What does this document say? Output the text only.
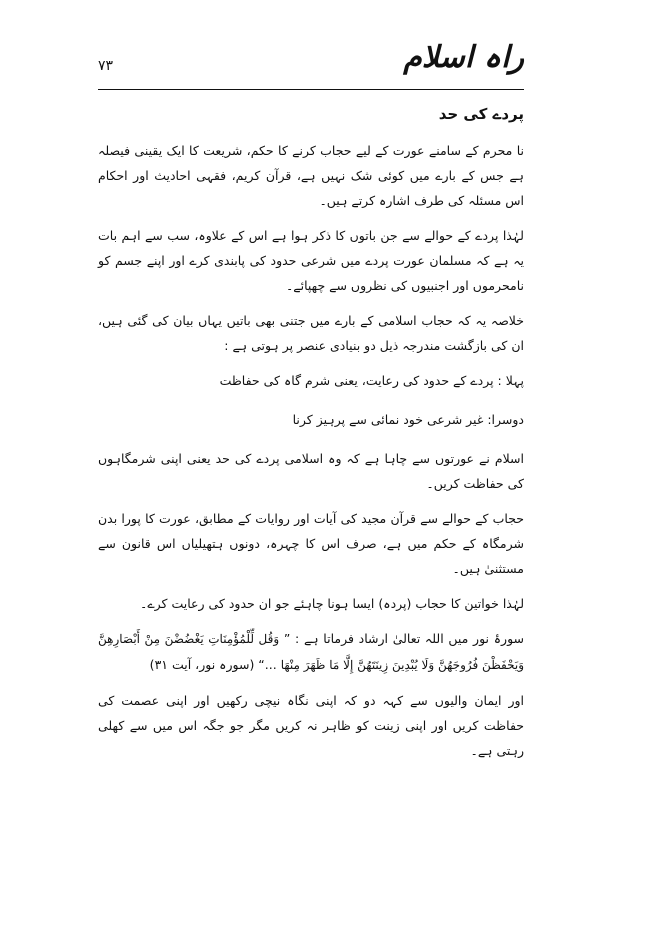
راہ اسلام
۷۳
پردے کی حد

نا محرم کے سامنے عورت کے لیے حجاب کرنے کا حکم، شریعت کا ایک یقینی فیصلہ ہے جس کے بارے میں کوئی شک نہیں ہے، قرآن کریم، فقہی احادیث اور احکام اس مسئلہ کی طرف اشارہ کرتے ہیں۔

لہٰذا پردے کے حوالے سے جن باتوں کا ذکر ہوا ہے اس کے علاوہ، سب سے اہم بات یہ ہے کہ مسلمان عورت پردے میں شرعی حدود کی پابندی کرے اور اپنے جسم کو نامحرموں اور اجنبیوں کی نظروں سے چھپائے۔

خلاصہ یہ کہ حجاب اسلامی کے بارے میں جتنی بھی باتیں یہاں بیان کی گئی ہیں، ان کی بازگشت مندرجہ ذیل دو بنیادی عنصر پر ہوتی ہے :

پہلا : پردے کے حدود کی رعایت، یعنی شرم گاہ کی حفاظت

دوسرا: غیر شرعی خود نمائی سے پرہیز کرنا

اسلام نے عورتوں سے چاہا ہے کہ وہ اسلامی پردے کی حد یعنی اپنی شرمگاہوں کی حفاظت کریں۔

حجاب کے حوالے سے قرآن مجید کی آیات اور روایات کے مطابق، عورت کا پورا بدن شرمگاہ کے حکم میں ہے، صرف اس کا چہرہ، دونوں ہتھیلیاں اس قانون سے مستثنیٰ ہیں۔

لہٰذا خواتین کا حجاب (پردہ) ایسا ہونا چاہئے جو ان حدود کی رعایت کرے۔

سورۂ نور میں اللہ تعالیٰ ارشاد فرماتا ہے : ” وَقُل لِّلْمُؤْمِنَاتِ يَغْضُضْنَ مِنْ أَبْصَارِهِنَّ وَيَحْفَظْنَ فُرُوجَهُنَّ وَلَا يُبْدِينَ زِينَتَهُنَّ إِلَّا مَا ظَهَرَ مِنْهَا ...“ (سورہ نور، آیت ۳۱)

اور ایمان والیوں سے کہہ دو کہ اپنی نگاہ نیچی رکھیں اور اپنی عصمت کی حفاظت کریں اور اپنی زینت کو ظاہر نہ کریں مگر جو جگہ اس میں سے کھلی رہتی ہے۔
